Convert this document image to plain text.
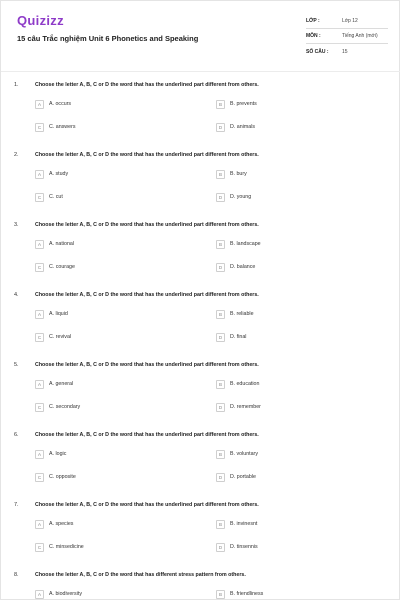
Quizizz
15 câu Trắc nghiệm Unit 6 Phonetics and Speaking
LỚP :	Lớp 12
MÔN :	Tiếng Anh (mới)
SỐ CÂU :	15
1.	Choose the letter A, B, C or D the word that has the underlined part different from others.
A	A. occurs	B	B. prevents
C	C. answers	D	D. animals
2.	Choose the letter A, B, C or D the word that has the underlined part different from others.
A	A. study	B	B. bury
C	C. cut	D	D. young
3.	Choose the letter A, B, C or D the word that has the underlined part different from others.
A	A. national	B	B. landscape
C	C. courage	D	D. balance
4.	Choose the letter A, B, C or D the word that has the underlined part different from others.
A	A. liquid	B	B. reliable
C	C. revival	D	D. final
5.	Choose the letter A, B, C or D the word that has the underlined part different from others.
A	A. general	B	B. education
C	C. secondary	D	D. remember
6.	Choose the letter A, B, C or D the word that has the underlined part different from others.
A	A. logic	B	B. voluntary
C	C. opposite	D	D. portable
7.	Choose the letter A, B, C or D the word that has the underlined part different from others.
A	A. species	B	B. invinesnt
C	C. minsedicine	D	D. tinsennis
8.	Choose the letter A, B, C or D the word that has different stress pattern from others.
A	A. biodiversity	B	B. friendliness
